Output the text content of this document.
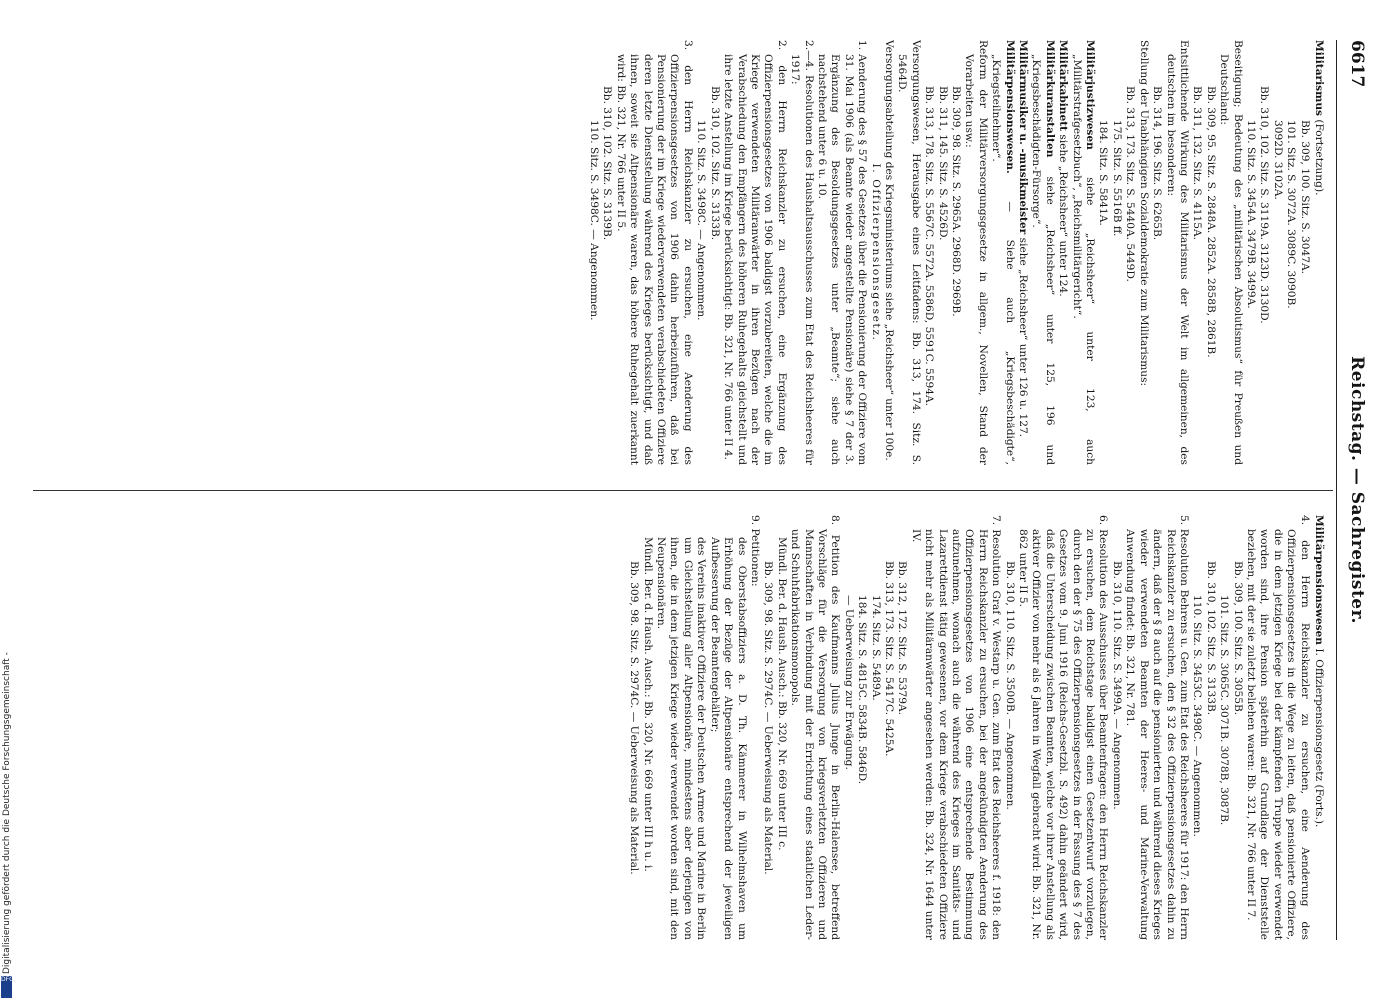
Reichstag. — Sachregister.
6617
Militarismus (Fortsetzung).
Bb. 309, 100. Sitz. S. 3047A.
101. Sitz. S. 3072A. 3089C. 3090B.
3092D. 3102A.
Bb. 310, 102. Sitz. S. 3119A. 3123D. 3130D.
110. Sitz. S. 3454A. 3479B. 3499A.
Beseitigung; Bedeutung des „militärischen Absolutismus“ für Preußen und Deutschland:
Bb. 309, 95. Sitz. S. 2848A. 2852A. 2858B, 2861B.
Bb. 311, 132. Sitz. S. 4115A.
Entsittlichende Wirkung des Militarismus der Welt im allgemeinen, des deutschen im besonderen:
Bb. 314, 196. Sitz. S. 6265B.
Stellung der Unabhängigen Sozialdemokratie zum Militarismus:
Bb. 313, 173. Sitz. S. 5440A. 5449D.
175. Sitz. S. 5516B ff.
184. Sitz. S. 5841A.
Militärjustizwesen siehe „Reichsheer“ unter 123, auch „Militärstrafgesetzbuch“, „Reichsmilitärgericht“.
Militärkabinett siehe „Reichsheer“ unter 124.
Militärkuranstalten siehe „Reichsheer“ unter 125, 196 und „Kriegsbeschädigten-Fürsorge“.
Militärmusiker u. -musikmeister siehe „Reichsheer“ unter 126 u. 127.
Militärpensionswesen. — Siehe auch „Kriegsbeschädigte“, „Kriegsteilnehmer“.
Reform der Militärversorgungsgesetze in allgem., Novellen, Stand der Vorarbeiten usw.:
Bb. 309, 98. Sitz. S. 2965A. 2968D. 2969B.
Bb. 311, 145. Sitz. S. 4526D.
Bb. 313, 178. Sitz. S. 5567C. 5572A. 5586D, 5591C. 5594A.
Versorgungswesen, Herausgabe eines Leitfadens: Bb. 313, 174. Sitz. S. 5464D.
Versorgungsabteilung des Kriegsministeriums siehe „Reichsheer“ unter 100e.
I. Offizierpensionsgesetz.
1. Aenderung des § 57 des Gesetzes über die Pensionierung der Offiziere vom 31. Mai 1906 (als Beamte wieder angestellte Pensionäre) siehe § 7 der 3. Ergänzung des Besoldungsgesetzes unter „Beamte“; siehe auch nachstehend unter 6 u. 10.
2.—4. Resolutionen des Haushaltsausschusses zum Etat des Reichsheeres für 1917:
2. den Herrn Reichskanzler zu ersuchen, eine Ergänzung des Offizierpensionsgesetzes von 1906 baldigst vorzubereiten, welche die im Kriege verwendeten Militäranwärter in ihren Bezügen nach der Verabschiedung den Empfängern des höheren Ruhegehalts gleichstellt und ihre letzte Anstellung im Kriege berücksichtigt: Bb. 321, Nr. 766 unter II 4.
Bb. 310, 102. Sitz. S. 3133B.
110. Sitz. S. 3498C. — Angenommen.
3. den Herrn Reichskanzler zu ersuchen, eine Aenderung des Offizierpensionsgesetzes von 1906 dahin herbeizuführen, daß bei Pensionierung der im Kriege wiederverwendeten verabschiedeten Offiziere deren letzte Dienststellung während des Krieges berücksichtigt, und daß ihnen, soweit sie Altpensionäre waren, das höhere Ruhegehalt zuerkannt wird: Bb. 321, Nr. 766 unter II 5.
Bb. 310, 102. Sitz. S. 3139B.
110. Sitz. S. 3498C. — Angenommen.
Militärpensionswesen I. Offizierpensionsgesetz (Forts.).
4. den Herrn Reichskanzler zu ersuchen, eine Aenderung des Offizierpensionsgesetzes in die Wege zu leiten, daß pensionierte Offiziere, die in dem jetzigen Kriege bei der kämpfenden Truppe wieder verwendet worden sind, ihre Pension späterhin auf Grundlage der Dienststelle beziehen, mit der sie zuletzt beliehen waren: Bb. 321, Nr. 766 unter II 7.
Bb. 309, 100. Sitz. S. 3055B.
101. Sitz. S. 3065C. 3071B. 3078B, 3087B.
Bb. 310, 102. Sitz. S. 3133B.
110. Sitz. S. 3453C. 3498C. — Angenommen.
5. Resolution Behrens u. Gen. zum Etat des Reichsheeres für 1917: den Herrn Reichskanzler zu ersuchen, den § 32 des Offizierpensionsgesetzes dahin zu ändern, daß der § 8 auch auf die pensionierten und während dieses Krieges wieder verwendeten Beamten der Heeres- und Marine-Verwaltung Anwendung findet: Bb. 321, Nr. 781.
Bb. 310, 110. Sitz. S. 3499A. — Angenommen.
6. Resolution des Ausschusses über Beamtenfragen: den Herrn Reichskanzler zu ersuchen, dem Reichstage baldigst einen Gesetzentwurf vorzulegen, durch den der § 75 des Offizierpensionsgesetzes in der Fassung des § 7 des Gesetzes vom 9. Juni 1916 (Reichs-Gesetzbl. S. 492) dahin geändert wird, daß die Unterscheidung zwischen Beamten, welche vor ihrer Anstellung als aktiver Offizier von mehr als 6 Jahren in Wegfall gebracht wird: Bb. 321, Nr. 862 unter II 5.
Bb. 310, 110. Sitz. S. 3500B. — Angenommen.
7. Resolution Graf v. Westarp u. Gen. zum Etat des Reichsheeres f. 1918: den Herrn Reichskanzler zu ersuchen, bei der angekündigten Aenderung des Offizierpensionsgesetzes von 1906 eine entsprechende Bestimmung aufzunehmen, wonach auch die während des Krieges im Sanitäts- und Lazarettdienst tätig gewesenen, vor dem Kriege verabschiedeten Offiziere nicht mehr als Militäranwärter angesehen werden: Bb. 324, Nr. 1644 unter IV.
Bb. 312, 172. Sitz. S. 5379A.
Bb. 313, 173. Sitz. S. 5417C. 5425A.
174. Sitz. S. 5489A.
184. Sitz. S. 4815C. 5834B. 5846D.
— Ueberweisung zur Erwägung.
8. Petition des Kaufmanns Julius Junge in Berlin-Halensee, betreffend Vorschläge für die Versorgung von kriegsverletzten Offizieren und Mannschaften in Verbindung mit der Errichtung eines staatlichen Leder- und Schuhfabrikationsmonopols.
Mündl. Ber. d. Haush. Ausch.: Bb. 320, Nr. 669 unter III c.
Bb. 309, 98. Sitz. S. 2974C. — Ueberweisung als Material.
9. Petitionen:
des Oberstabsoffiziers a. D. Th. Kämmerer in Wilhelmshaven um Erhöhung der Bezüge der Altpensionäre entsprechend der jeweiligen Aufbesserung der Beamtengehälter;
des Vereins inaktiver Offiziere der Deutschen Armee und Marine in Berlin um Gleichstellung aller Altpensionäre, mindestens aber derjenigen von ihnen, die in dem jetzigen Kriege wieder verwendet worden sind, mit den Neupensionären.
Mündl. Ber. d. Haush. Ausch.: Bb. 320, Nr. 669 unter III h u. i.
Bb. 309, 98. Sitz. S. 2974C. — Ueberweisung als Material.
Digitalisierung gefördert durch die Deutsche Forschungsgemeinschaft -
DFG
